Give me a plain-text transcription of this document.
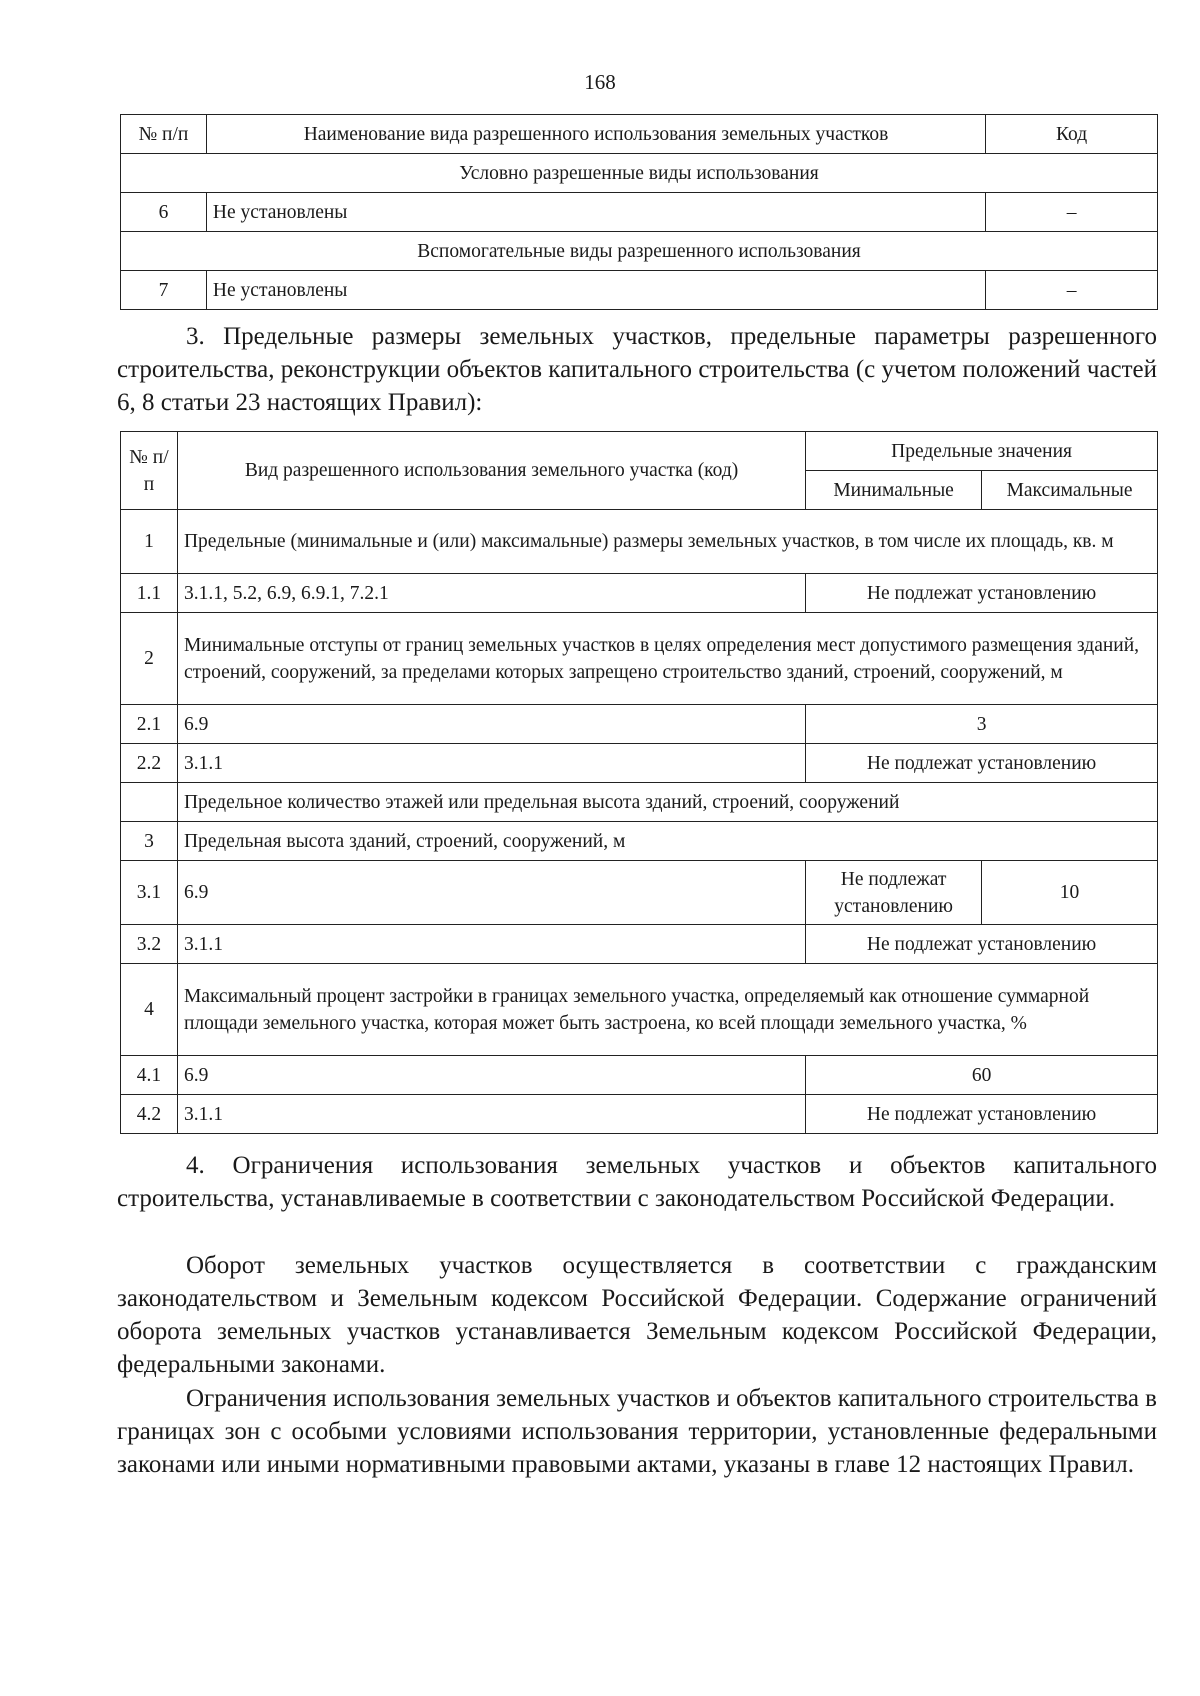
168
№ п/п	Наименование вида разрешенного использования земельных участков	Код
Условно разрешенные виды использования		
6	Не установлены	–
Вспомогательные виды разрешенного использования		
7	Не установлены	–

3. Предельные размеры земельных участков, предельные параметры разрешенного строительства, реконструкции объектов капитального строительства (с учетом положений частей 6, 8 статьи 23 настоящих Правил):

№ п/п	Вид разрешенного использования земельного участка (код)	Предельные значения	
		Минимальные	Максимальные
1	Предельные (минимальные и (или) максимальные) размеры земельных участков, в том числе их площадь, кв. м		
1.1	3.1.1, 5.2, 6.9, 6.9.1, 7.2.1	Не подлежат установлению	
2	Минимальные отступы от границ земельных участков в целях определения мест допустимого размещения зданий, строений, сооружений, за пределами которых запрещено строительство зданий, строений, сооружений, м		
2.1	6.9	3	
2.2	3.1.1	Не подлежат установлению	
	Предельное количество этажей или предельная высота зданий, строений, сооружений		
3	Предельная высота зданий, строений, сооружений, м		
3.1	6.9	Не подлежат установлению	10
3.2	3.1.1	Не подлежат установлению	
4	Максимальный процент застройки в границах земельного участка, определяемый как отношение суммарной площади земельного участка, которая может быть застроена, ко всей площади земельного участка, %		
4.1	6.9	60	
4.2	3.1.1	Не подлежат установлению	

4. Ограничения использования земельных участков и объектов капитального строительства, устанавливаемые в соответствии с законодательством Российской Федерации.

Оборот земельных участков осуществляется в соответствии с гражданским законодательством и Земельным кодексом Российской Федерации. Содержание ограничений оборота земельных участков устанавливается Земельным кодексом Российской Федерации, федеральными законами.

Ограничения использования земельных участков и объектов капитального строительства в границах зон с особыми условиями использования территории, установленные федеральными законами или иными нормативными правовыми актами, указаны в главе 12 настоящих Правил.
